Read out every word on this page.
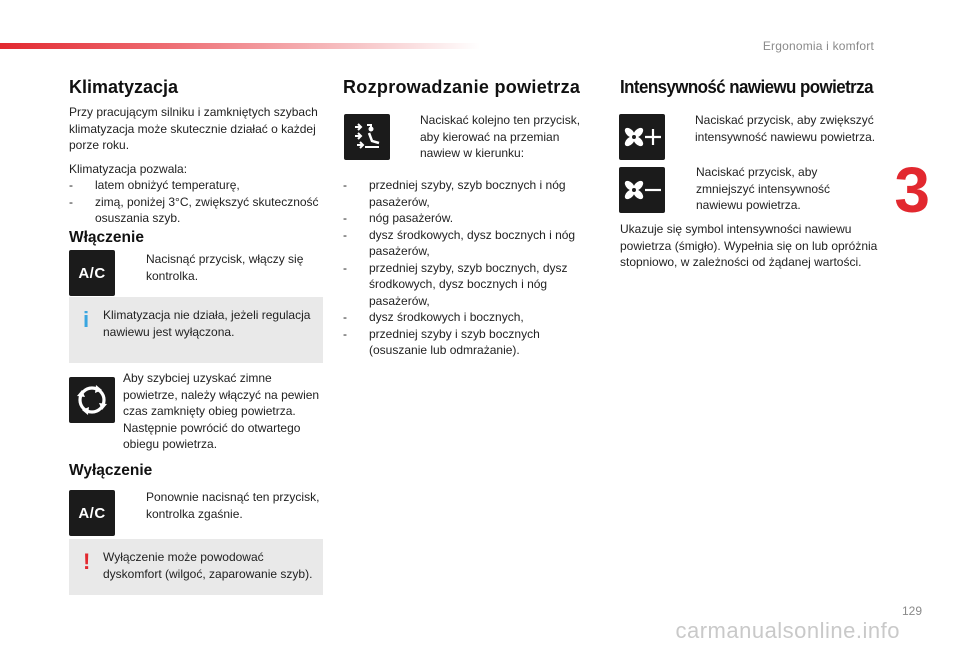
Ergonomia i komfort
3
129
carmanualsonline.info
Klimatyzacja

Przy pracującym silniku i zamkniętych szybach klimatyzacja może skutecznie działać o każdej porze roku.

Klimatyzacja pozwala:

- latem obniżyć temperaturę,
- zimą, poniżej 3°C, zwiększyć skuteczność osuszania szyb.
Włączenie
A/C
Nacisnąć przycisk, włączy się kontrolka.
i Klimatyzacja nie działa, jeżeli regulacja nawiewu jest wyłączona.

Aby szybciej uzyskać zimne powietrze, należy włączyć na pewien czas zamknięty obieg powietrza. Następnie powrócić do otwartego obiegu powietrza.

Wyłączenie
A/C
Ponownie nacisnąć ten przycisk, kontrolka zgaśnie.
! Wyłączenie może powodować dyskomfort (wilgoć, zaparowanie szyb).
Rozprowadzanie powietrza
Naciskać kolejno ten przycisk, aby kierować na przemian nawiew w kierunku:
- przedniej szyby, szyb bocznych i nóg pasażerów,
- nóg pasażerów.
- dysz środkowych, dysz bocznych i nóg pasażerów,
- przedniej szyby, szyb bocznych, dysz środkowych, dysz bocznych i nóg pasażerów,
- dysz środkowych i bocznych,
- przedniej szyby i szyb bocznych (osuszanie lub odmrażanie).
Intensywność nawiewu powietrza
Naciskać przycisk, aby zwiększyć intensywność nawiewu powietrza.
Naciskać przycisk, aby zmniejszyć intensywność nawiewu powietrza.

Ukazuje się symbol intensywności nawiewu powietrza (śmigło). Wypełnia się on lub opróżnia stopniowo, w zależności od żądanej wartości.
